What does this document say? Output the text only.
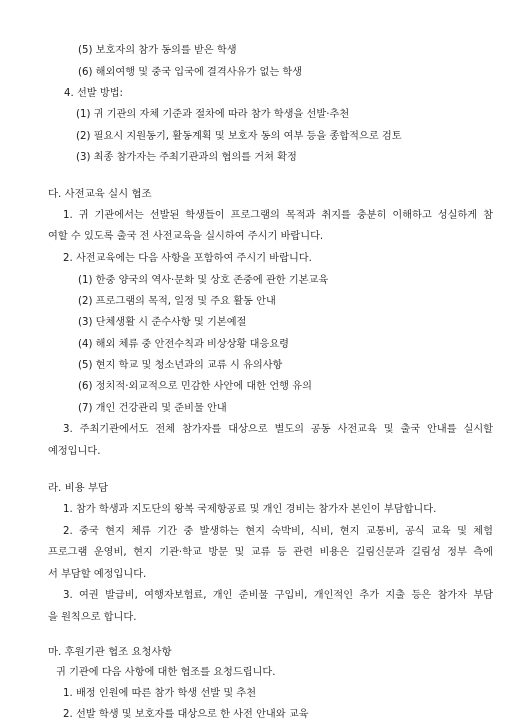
(5) 보호자의 참가 동의를 받은 학생
(6) 해외여행 및 중국 입국에 결격사유가 없는 학생
4. 선발 방법:
(1) 귀 기관의 자체 기준과 절차에 따라 참가 학생을 선발·추천
(2) 필요시 지원동기, 활동계획 및 보호자 동의 여부 등을 종합적으로 검토
(3) 최종 참가자는 주최기관과의 협의를 거쳐 확정
다. 사전교육 실시 협조
1. 귀 기관에서는 선발된 학생들이 프로그램의 목적과 취지를 충분히 이해하고 성실하게 참
여할 수 있도록 출국 전 사전교육을 실시하여 주시기 바랍니다.
2. 사전교육에는 다음 사항을 포함하여 주시기 바랍니다.
(1) 한중 양국의 역사·문화 및 상호 존중에 관한 기본교육
(2) 프로그램의 목적, 일정 및 주요 활동 안내
(3) 단체생활 시 준수사항 및 기본예절
(4) 해외 체류 중 안전수칙과 비상상황 대응요령
(5) 현지 학교 및 청소년과의 교류 시 유의사항
(6) 정치적·외교적으로 민감한 사안에 대한 언행 유의
(7) 개인 건강관리 및 준비물 안내
3. 주최기관에서도 전체 참가자를 대상으로 별도의 공동 사전교육 및 출국 안내를 실시할
예정입니다.
라. 비용 부담
1. 참가 학생과 지도단의 왕복 국제항공료 및 개인 경비는 참가자 본인이 부담합니다.
2. 중국 현지 체류 기간 중 발생하는 현지 숙박비, 식비, 현지 교통비, 공식 교육 및 체험
프로그램 운영비, 현지 기관·학교 방문 및 교류 등 관련 비용은 길림신문과 길림성 정부 측에
서 부담할 예정입니다.
3. 여권 발급비, 여행자보험료, 개인 준비물 구입비, 개인적인 추가 지출 등은 참가자 부담
을 원칙으로 합니다.
마. 후원기관 협조 요청사항
귀 기관에 다음 사항에 대한 협조를 요청드립니다.
1. 배정 인원에 따른 참가 학생 선발 및 추천
2. 선발 학생 및 보호자를 대상으로 한 사전 안내와 교육
